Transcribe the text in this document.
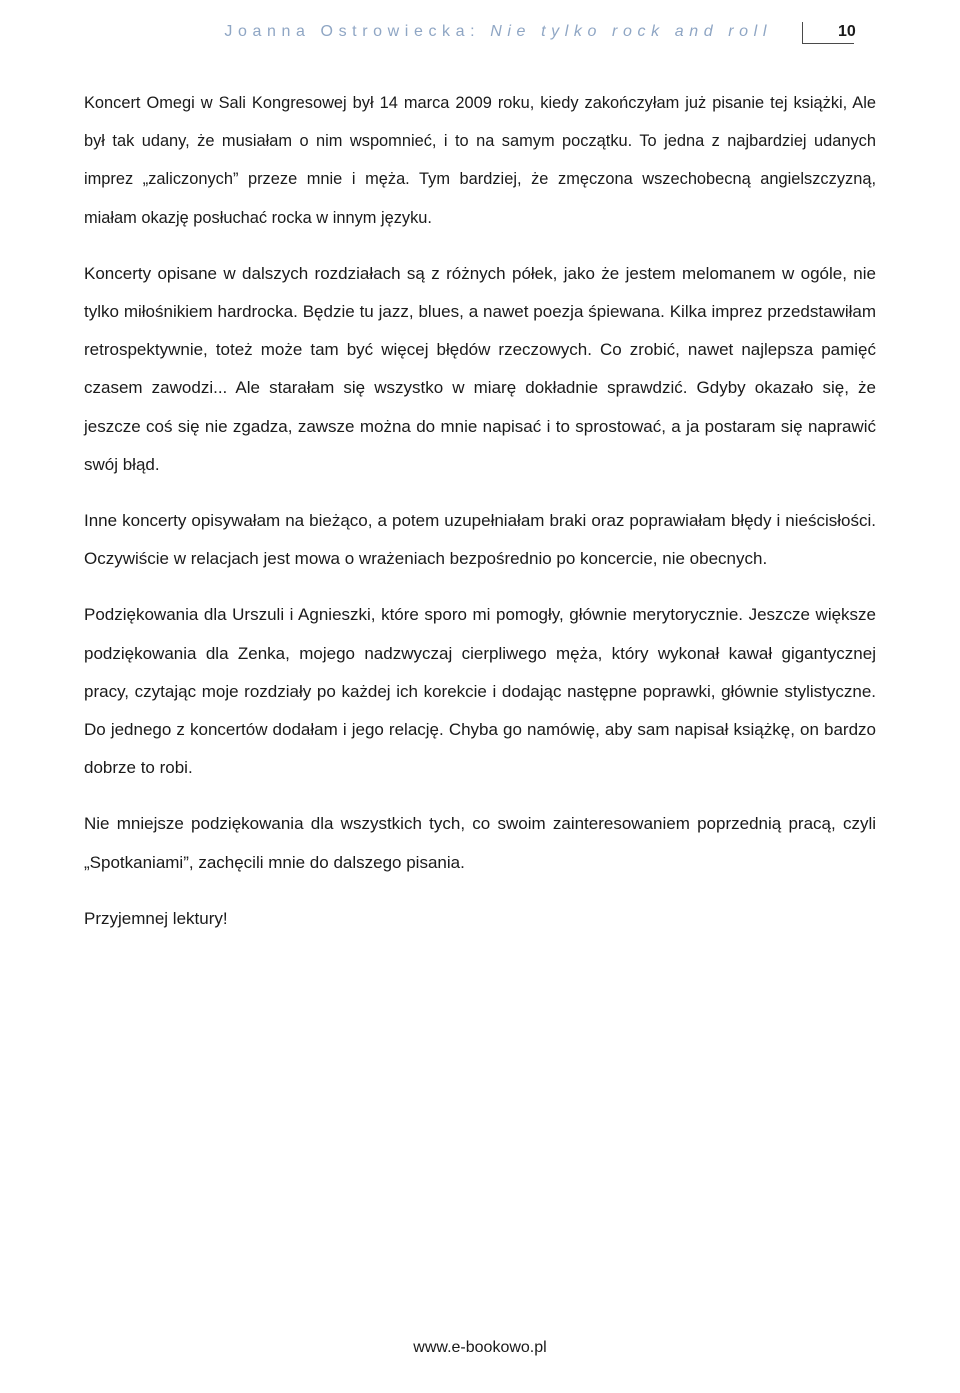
Joanna Ostrowiecka: Nie tylko rock and roll	10

Koncert Omegi w Sali Kongresowej był 14 marca 2009 roku, kiedy zakończyłam już pisanie tej książki, Ale był tak udany, że musiałam o nim wspomnieć, i to na samym początku. To jedna z najbardziej udanych imprez „zaliczonych” przeze mnie i męża. Tym bardziej, że zmęczona wszechobecną angielszczyzną, miałam okazję posłuchać rocka w innym języku.

Koncerty opisane w dalszych rozdziałach są z różnych półek, jako że jestem melomanem w ogóle, nie tylko miłośnikiem hardrocka. Będzie tu jazz, blues, a nawet poezja śpiewana. Kilka imprez przedstawiłam retrospektywnie, toteż może tam być więcej błędów rzeczowych. Co zrobić, nawet najlepsza pamięć czasem zawodzi... Ale starałam się wszystko w miarę dokładnie sprawdzić. Gdyby okazało się, że jeszcze coś się nie zgadza, zawsze można do mnie napisać i to sprostować, a ja postaram się naprawić swój błąd.

Inne koncerty opisywałam na bieżąco, a potem uzupełniałam braki oraz poprawiałam błędy i nieścisłości. Oczywiście w relacjach jest mowa o wrażeniach bezpośrednio po koncercie, nie obecnych.

Podziękowania dla Urszuli i Agnieszki, które sporo mi pomogły, głównie merytorycznie. Jeszcze większe podziękowania dla Zenka, mojego nadzwyczaj cierpliwego męża, który wykonał kawał gigantycznej pracy, czytając moje rozdziały po każdej ich korekcie i dodając następne poprawki, głównie stylistyczne. Do jednego z koncertów dodałam i jego relację. Chyba go namówię, aby sam napisał książkę, on bardzo dobrze to robi.

Nie mniejsze podziękowania dla wszystkich tych, co swoim zainteresowaniem poprzednią pracą, czyli „Spotkaniami”, zachęcili mnie do dalszego pisania.

Przyjemnej lektury!

www.e-bookowo.pl
